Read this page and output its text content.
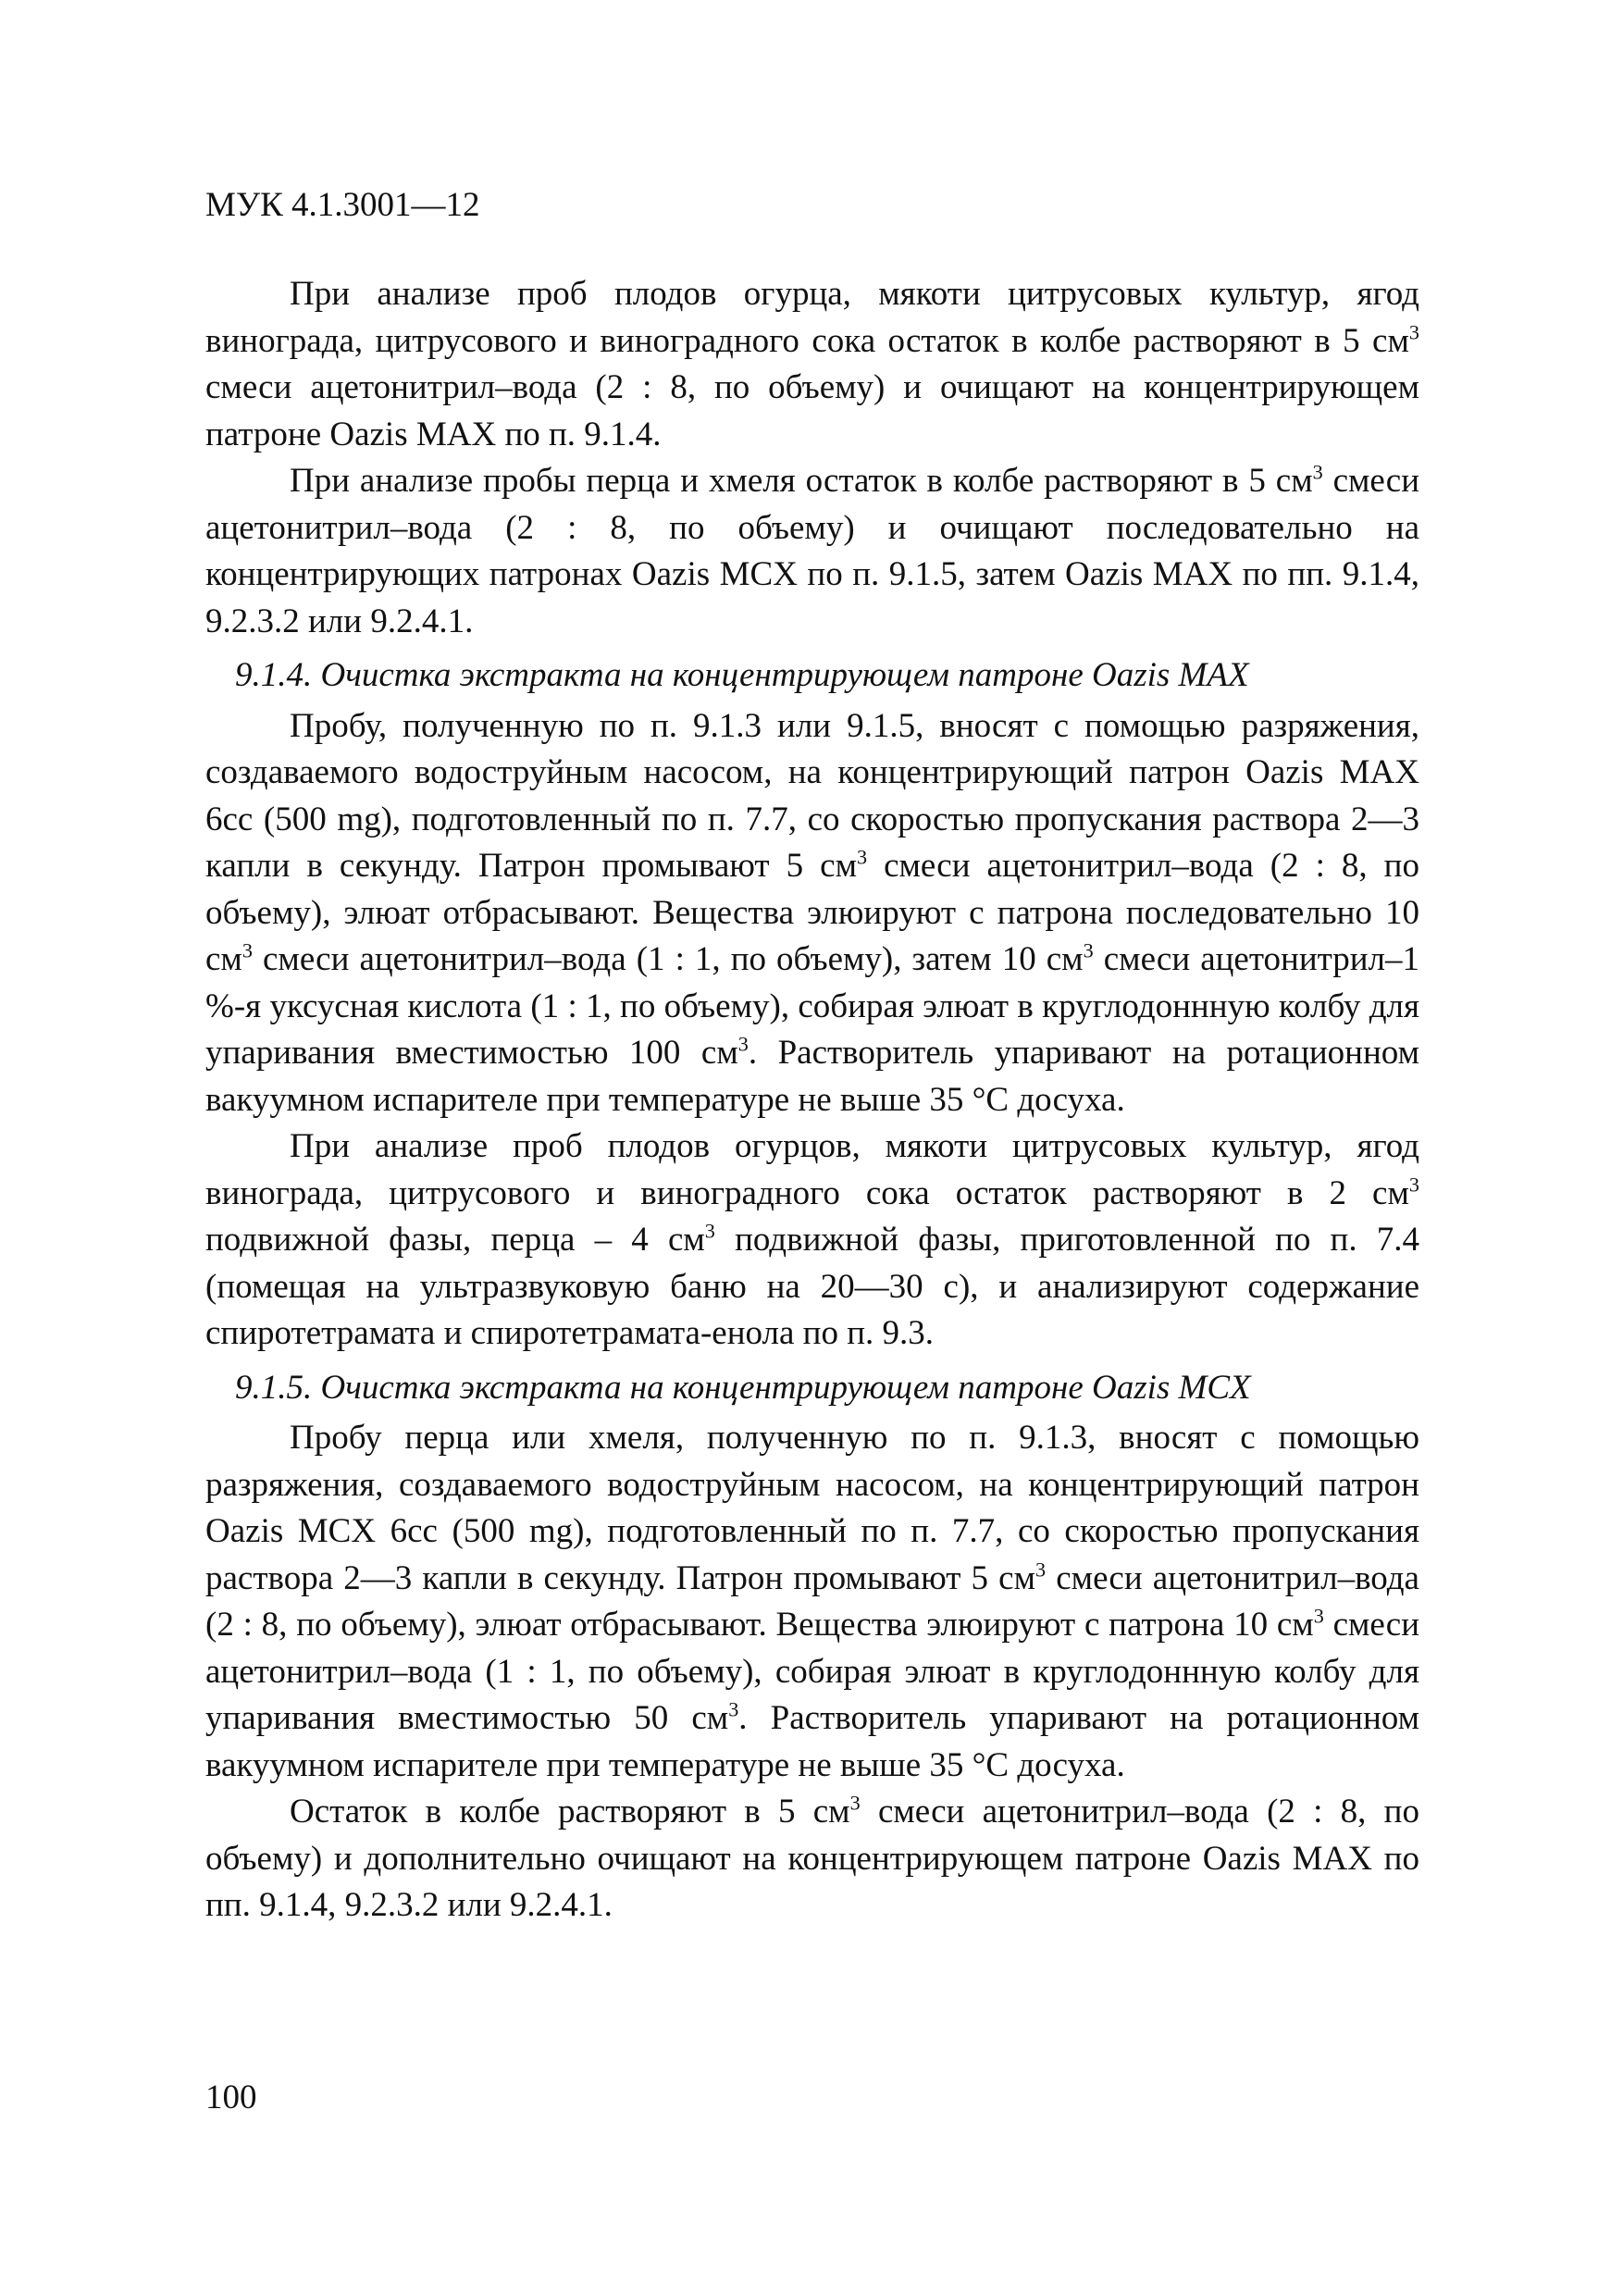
МУК 4.1.3001—12

При анализе проб плодов огурца, мякоти цитрусовых культур, ягод винограда, цитрусового и виноградного сока остаток в колбе растворяют в 5 $см^3$ смеси ацетонитрил–вода (2 : 8, по объему) и очищают на концентрирующем патроне Oazis MAX по п. 9.1.4.

При анализе пробы перца и хмеля остаток в колбе растворяют в 5 $см^3$ смеси ацетонитрил–вода (2 : 8, по объему) и очищают последовательно на концентрирующих патронах Oazis MCX по п. 9.1.5, затем Oazis MAX по пп. 9.1.4, 9.2.3.2 или 9.2.4.1.

9.1.4. Очистка экстракта на концентрирующем патроне Oazis MAX

Пробу, полученную по п. 9.1.3 или 9.1.5, вносят с помощью разряжения, создаваемого водоструйным насосом, на концентрирующий патрон Oazis MAX 6cc (500 mg), подготовленный по п. 7.7, со скоростью пропускания раствора 2—3 капли в секунду. Патрон промывают 5 $см^3$ смеси ацетонитрил–вода (2 : 8, по объему), элюат отбрасывают. Вещества элюируют с патрона последовательно 10 $см^3$ смеси ацетонитрил–вода (1 : 1, по объему), затем 10 $см^3$ смеси ацетонитрил–1 %-я уксусная кислота (1 : 1, по объему), собирая элюат в круглодоннную колбу для упаривания вместимостью 100 $см^3$. Растворитель упаривают на ротационном вакуумном испарителе при температуре не выше 35 °С досуха.

При анализе проб плодов огурцов, мякоти цитрусовых культур, ягод винограда, цитрусового и виноградного сока остаток растворяют в 2 $см^3$ подвижной фазы, перца – 4 $см^3$ подвижной фазы, приготовленной по п. 7.4 (помещая на ультразвуковую баню на 20—30 с), и анализируют содержание спиротетрамата и спиротетрамата-енола по п. 9.3.

9.1.5. Очистка экстракта на концентрирующем патроне Oazis MCX

Пробу перца или хмеля, полученную по п. 9.1.3, вносят с помощью разряжения, создаваемого водоструйным насосом, на концентрирующий патрон Oazis MCX 6cc (500 mg), подготовленный по п. 7.7, со скоростью пропускания раствора 2—3 капли в секунду. Патрон промывают 5 $см^3$ смеси ацетонитрил–вода (2 : 8, по объему), элюат отбрасывают. Вещества элюируют с патрона 10 $см^3$ смеси ацетонитрил–вода (1 : 1, по объему), собирая элюат в круглодоннную колбу для упаривания вместимостью 50 $см^3$. Растворитель упаривают на ротационном вакуумном испарителе при температуре не выше 35 °С досуха.

Остаток в колбе растворяют в 5 $см^3$ смеси ацетонитрил–вода (2 : 8, по объему) и дополнительно очищают на концентрирующем патроне Oazis MAX по пп. 9.1.4, 9.2.3.2 или 9.2.4.1.

100
